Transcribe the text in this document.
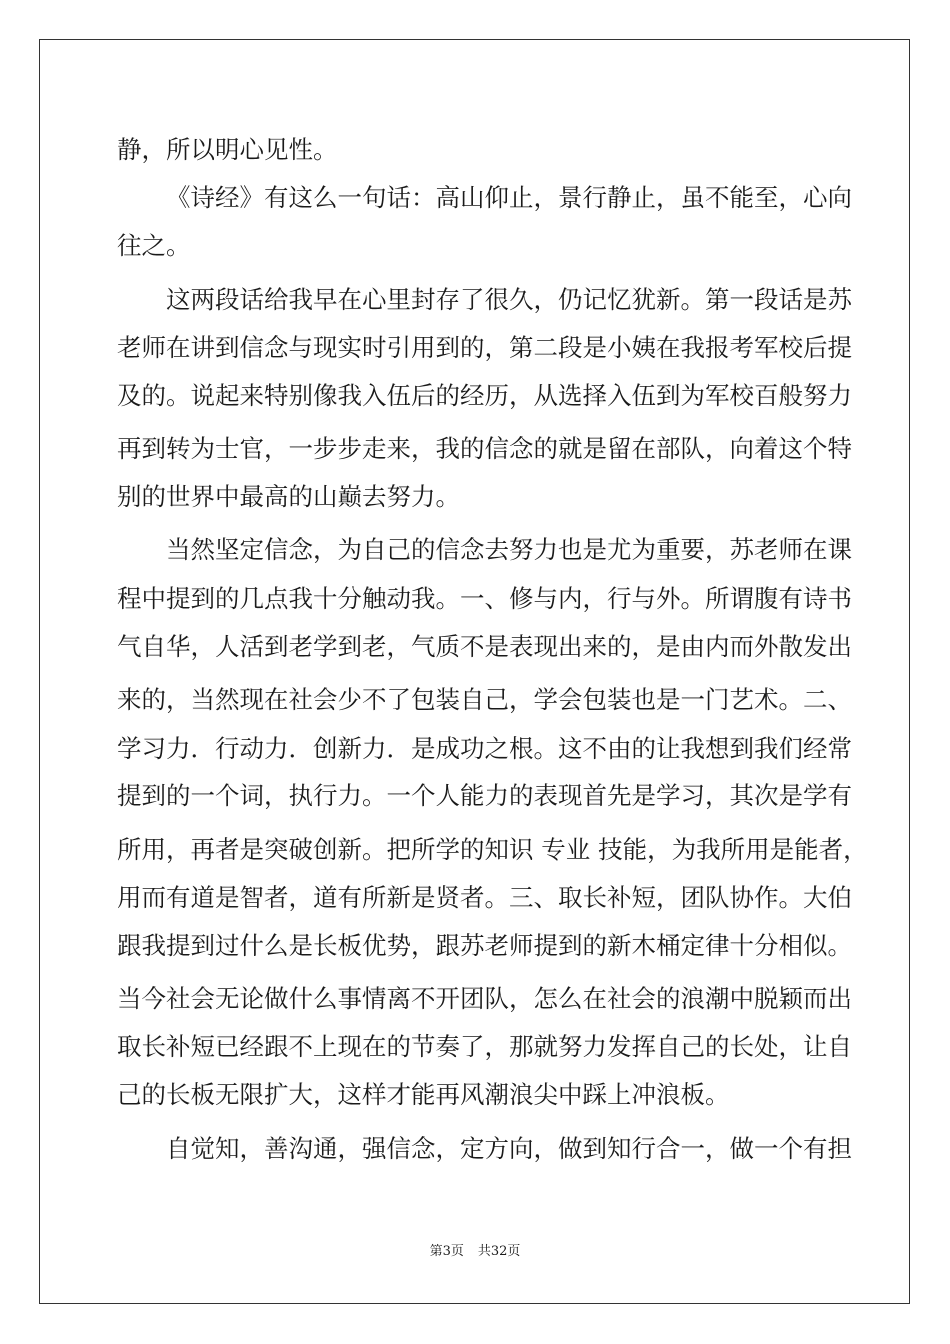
静，所以明心见性。
《诗经》有这么一句话：高山仰止，景行静止，虽不能至，心向
往之。
这两段话给我早在心里封存了很久，仍记忆犹新。第一段话是苏
老师在讲到信念与现实时引用到的，第二段是小姨在我报考军校后提
及的。说起来特别像我入伍后的经历，从选择入伍到为军校百般努力
再到转为士官，一步步走来，我的信念的就是留在部队，向着这个特
别的世界中最高的山巅去努力。
当然坚定信念，为自己的信念去努力也是尤为重要，苏老师在课
程中提到的几点我十分触动我。一、修与内，行与外。所谓腹有诗书
气自华，人活到老学到老，气质不是表现出来的，是由内而外散发出
来的，当然现在社会少不了包装自己，学会包装也是一门艺术。二、
学习力．行动力．创新力．是成功之根。这不由的让我想到我们经常
提到的一个词，执行力。一个人能力的表现首先是学习，其次是学有
所用，再者是突破创新。把所学的知识 专业 技能，为我所用是能者，
用而有道是智者，道有所新是贤者。三、取长补短，团队协作。大伯
跟我提到过什么是长板优势，跟苏老师提到的新木桶定律十分相似。
当今社会无论做什么事情离不开团队，怎么在社会的浪潮中脱颖而出
取长补短已经跟不上现在的节奏了，那就努力发挥自己的长处，让自
己的长板无限扩大，这样才能再风潮浪尖中踩上冲浪板。
自觉知，善沟通，强信念，定方向，做到知行合一，做一个有担
第3页 共32页
